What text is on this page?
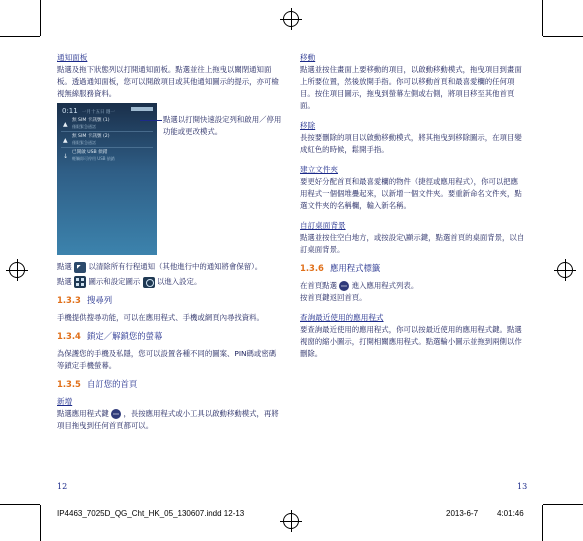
通知面板

點選及拖下狀態列以打開通知面板。點選並往上拖曳以關閉通知面板。透過通知面板，您可以開啟項目或其他通知圖示的提示，亦可檢視無線服務資料。

0:11 一月十五日 週一
▲
無 SIM 卡訊號 (1)
僅限緊急通話
▲
無 SIM 卡訊號 (2)
僅限緊急通話
↓
已開啟 USB 偵錯
輕觸即可停用 USB 偵錯

點選 以清除所有行程通知（其他進行中的通知將會保留）。

點選 圖示和設定圖示 以進入設定。

1.3.3 搜尋列

手機提供搜尋功能，可以在應用程式、手機或網頁內尋找資料。

1.3.4 鎖定／解鎖您的螢幕

為保護您的手機及私隱，您可以設置各種不同的圖案、PIN碼或密碼等鎖定手機螢幕。

1.3.5 自訂您的首頁

新增

點選應用程式鍵 ，長按應用程式或小工具以啟動移動模式，再將項目拖曳到任何首頁都可以。

點選以打開快速設定列和啟用／停用功能或更改模式。

移動

點選並按住畫面上要移動的項目，以啟動移動模式，拖曳項目到畫面上所要位置，然後放開手指。你可以移動首頁和最喜愛欄的任何項目。按住項目圖示，拖曳到螢幕左側或右側，將項目移至其他首頁面。

移除

長按要刪除的項目以啟動移動模式，將其拖曳到移除圖示，在項目變成紅色的時候，鬆開手指。

建立文件夾

要更好分配首頁和最喜愛欄的物件（捷徑或應用程式），你可以把應用程式一個個堆疊起來，以新增一個文件夾。要重新命名文件夾，點選文件夾的名稱欄，輸入新名稱。

自訂桌面背景

點選並按住空白地方，或按設定\顯示鍵，點選首頁的桌面背景，以自訂桌面背景。

1.3.6 應用程式標籤

在首頁點選 進入應用程式列表。

按首頁鍵返回首頁。

查詢最近使用的應用程式

要查詢最近使用的應用程式，你可以按最近使用的應用程式鍵。點選視窗的縮小圖示，打開相關應用程式。點選輪小圖示並拖到兩側以作刪除。

12	13
IP4463_7025D_QG_Cht_HK_05_130607.indd 12-13	2013-6-7 4:01:46
